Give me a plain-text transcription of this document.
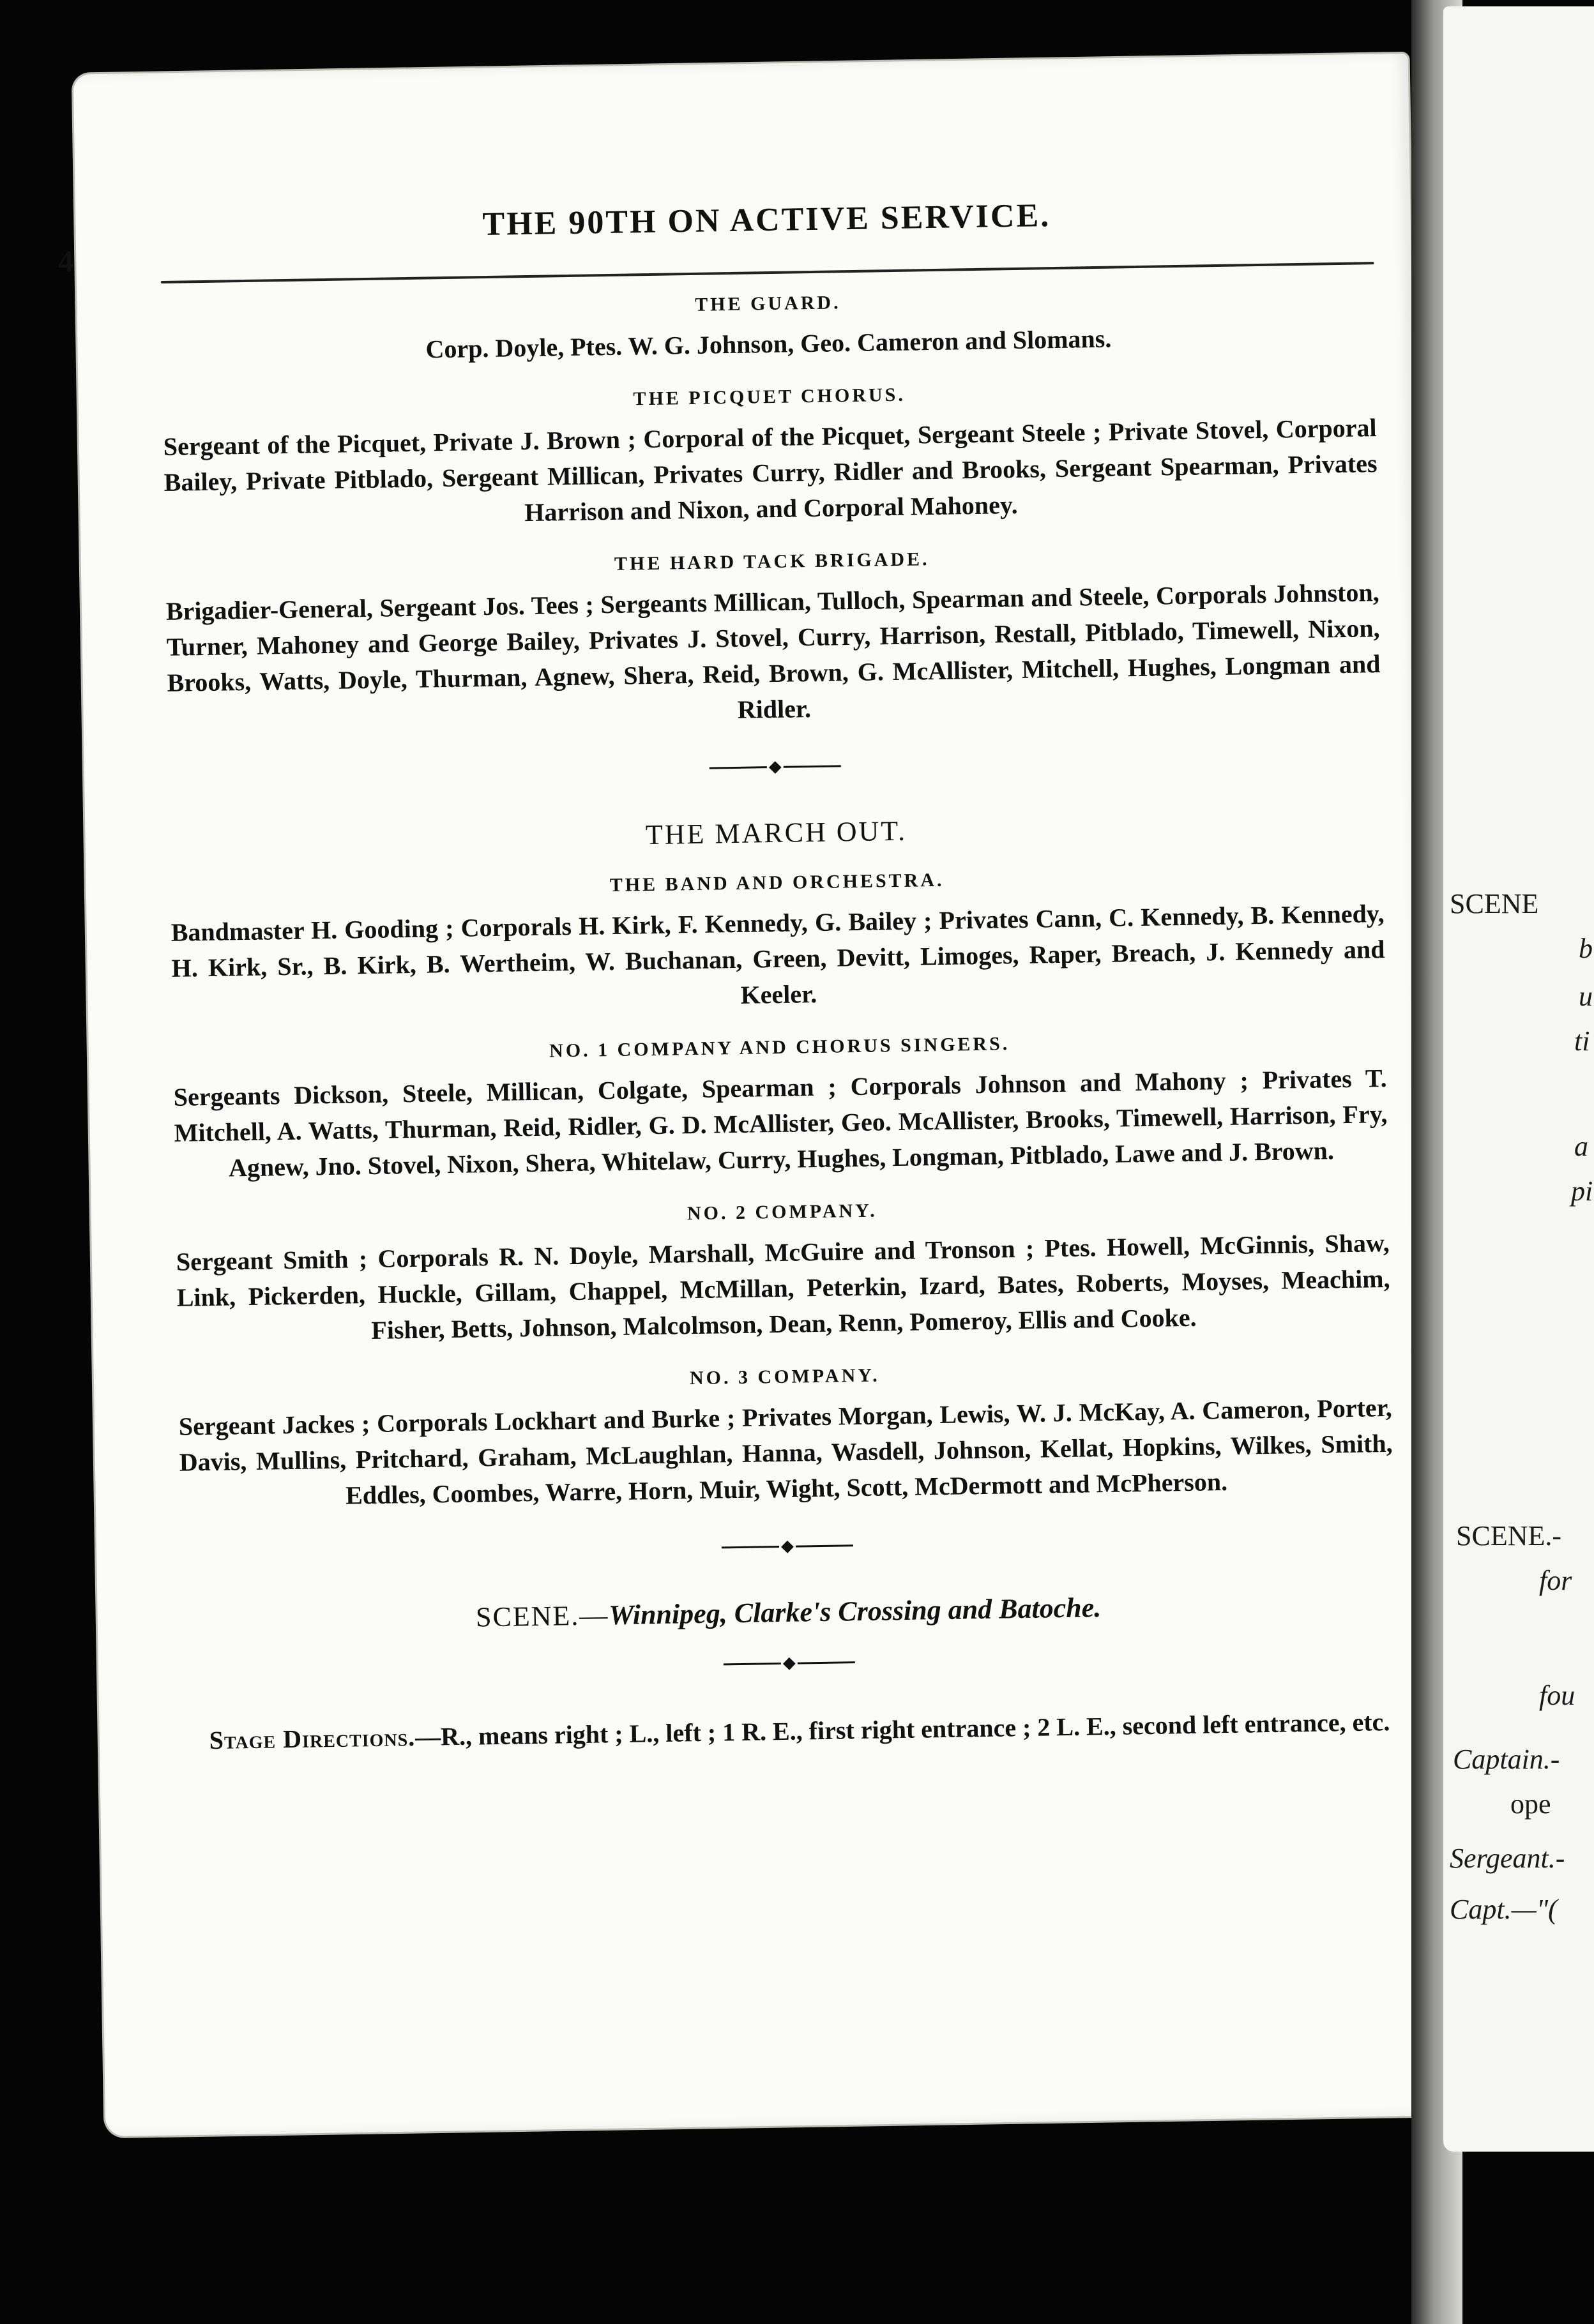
SCENE
b
u
ti
a
pi
SCENE.-
for
fou
Captain.-
ope
Sergeant.-
Capt.—"(
4
THE 90TH ON ACTIVE SERVICE.
THE GUARD.

Corp. Doyle, Ptes. W. G. Johnson, Geo. Cameron and Slomans.

THE PICQUET CHORUS.

Sergeant of the Picquet, Private J. Brown ; Corporal of the Picquet, Sergeant Steele ; Private Stovel, Corporal Bailey, Private Pitblado, Sergeant Millican, Privates Curry, Ridler and Brooks, Sergeant Spearman, Privates Harrison and Nixon, and Corporal Mahoney.

THE HARD TACK BRIGADE.

Brigadier-General, Sergeant Jos. Tees ; Sergeants Millican, Tulloch, Spearman and Steele, Corporals Johnston, Turner, Mahoney and George Bailey, Privates J. Stovel, Curry, Harrison, Restall, Pitblado, Timewell, Nixon, Brooks, Watts, Doyle, Thurman, Agnew, Shera, Reid, Brown, G. McAllister, Mitchell, Hughes, Longman and Ridler.

THE MARCH OUT.
THE BAND AND ORCHESTRA.

Bandmaster H. Gooding ; Corporals H. Kirk, F. Kennedy, G. Bailey ; Privates Cann, C. Kennedy, B. Kennedy, H. Kirk, Sr., B. Kirk, B. Wertheim, W. Buchanan, Green, Devitt, Limoges, Raper, Breach, J. Kennedy and Keeler.

NO. 1 COMPANY AND CHORUS SINGERS.

Sergeants Dickson, Steele, Millican, Colgate, Spearman ; Corporals Johnson and Mahony ; Privates T. Mitchell, A. Watts, Thurman, Reid, Ridler, G. D. McAllister, Geo. McAllister, Brooks, Timewell, Harrison, Fry, Agnew, Jno. Stovel, Nixon, Shera, Whitelaw, Curry, Hughes, Longman, Pitblado, Lawe and J. Brown.

NO. 2 COMPANY.

Sergeant Smith ; Corporals R. N. Doyle, Marshall, McGuire and Tronson ; Ptes. Howell, McGinnis, Shaw, Link, Pickerden, Huckle, Gillam, Chappel, McMillan, Peterkin, Izard, Bates, Roberts, Moyses, Meachim, Fisher, Betts, Johnson, Malcolmson, Dean, Renn, Pomeroy, Ellis and Cooke.

NO. 3 COMPANY.

Sergeant Jackes ; Corporals Lockhart and Burke ; Privates Morgan, Lewis, W. J. McKay, A. Cameron, Porter, Davis, Mullins, Pritchard, Graham, McLaughlan, Hanna, Wasdell, Johnson, Kellat, Hopkins, Wilkes, Smith, Eddles, Coombes, Warre, Horn, Muir, Wight, Scott, McDermott and McPherson.

SCENE.—Winnipeg, Clarke's Crossing and Batoche.

Stage Directions.—R., means right ; L., left ; 1 R. E., first right entrance ; 2 L. E., second left entrance, etc.
